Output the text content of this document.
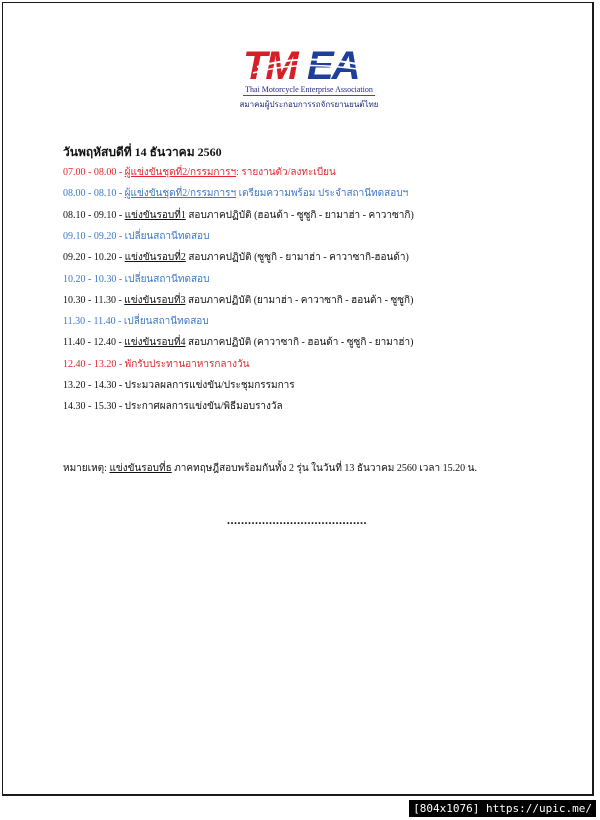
TM EA
Thai Motorcycle Enterprise Association
สมาคมผู้ประกอบการรถจักรยานยนต์ไทย
วันพฤหัสบดีที่ 14 ธันวาคม 2560
07.00 - 08.00 - ผู้แข่งขันชุดที่2/กรรมการฯ: รายงานตัว/ลงทะเบียน
08.00 - 08.10 - ผู้แข่งขันชุดที่2/กรรมการฯ เตรียมความพร้อม ประจำสถานีทดสอบฯ
08.10 - 09.10 - แข่งขันรอบที่1 สอบภาคปฏิบัติ (ฮอนด้า - ซูซูกิ - ยามาฮ่า - คาวาซากิ)
09.10 - 09.20 - เปลี่ยนสถานีทดสอบ
09.20 - 10.20 - แข่งขันรอบที่2 สอบภาคปฏิบัติ (ซูซูกิ - ยามาฮ่า - คาวาซากิ-ฮอนด้า)
10.20 - 10.30 - เปลี่ยนสถานีทดสอบ
10.30 - 11.30 - แข่งขันรอบที่3 สอบภาคปฏิบัติ (ยามาฮ่า - คาวาซากิ - ฮอนด้า - ซูซูกิ)
11.30 - 11.40 - เปลี่ยนสถานีทดสอบ
11.40 - 12.40 - แข่งขันรอบที่4 สอบภาคปฏิบัติ (คาวาซากิ - ฮอนด้า - ซูซูกิ - ยามาฮ่า)
12.40 - 13.20 - พักรับประทานอาหารกลางวัน
13.20 - 14.30 - ประมวลผลการแข่งขัน/ประชุมกรรมการ
14.30 - 15.30 - ประกาศผลการแข่งขัน/พิธีมอบรางวัล
หมายเหตุ: แข่งขันรอบที่ธ ภาคทฤษฎีสอบพร้อมกันทั้ง 2 รุ่น ในวันที่ 13 ธันวาคม 2560 เวลา 15.20 น.
........................................
[804x1076] https://upic.me/
